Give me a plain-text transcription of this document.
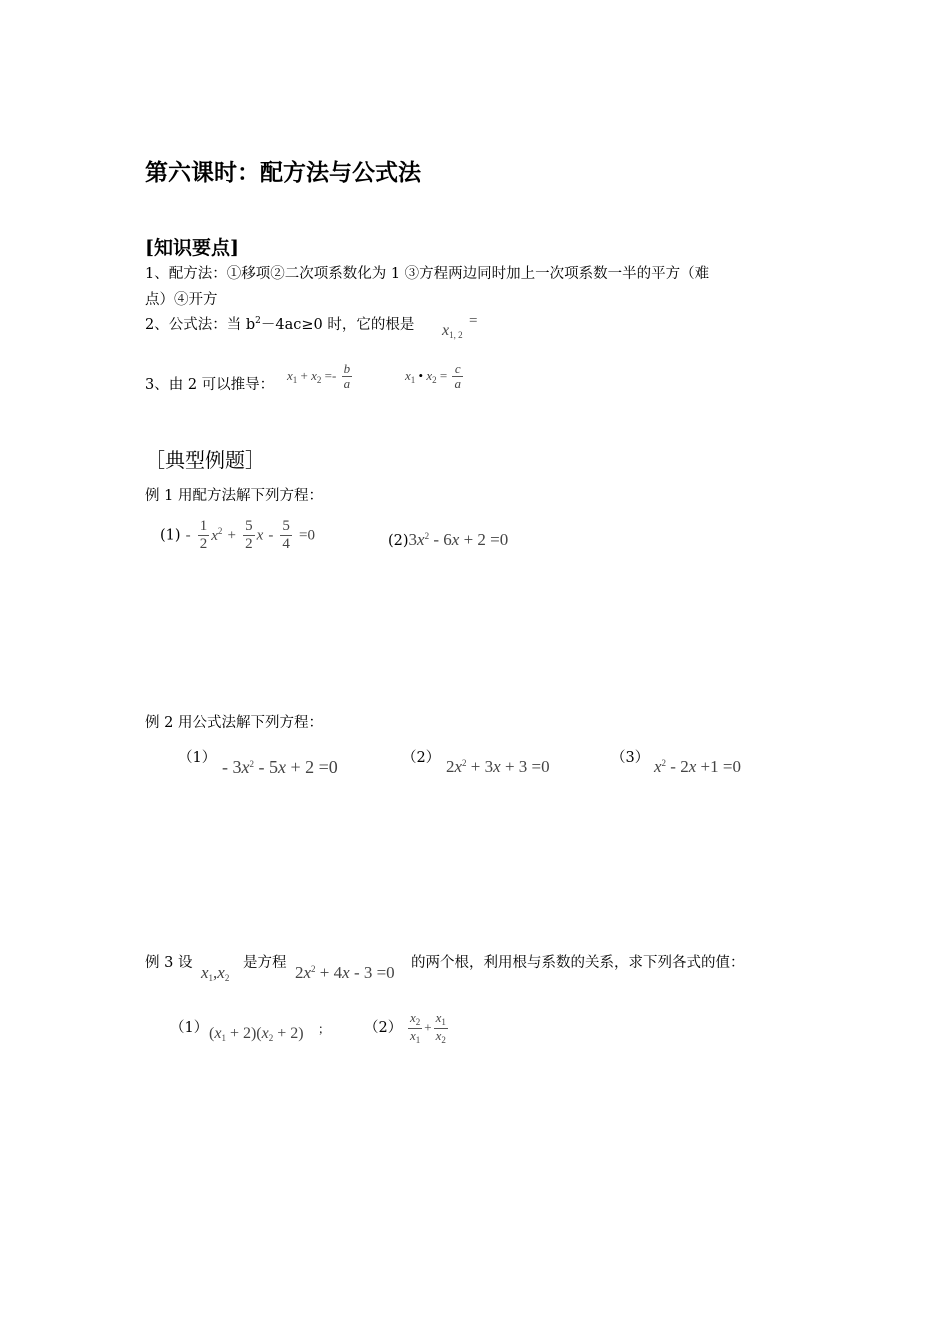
第六课时：配方法与公式法
[知识要点]
1、配方法：①移项②二次项系数化为 1 ③方程两边同时加上一次项系数一半的平方（难
点）④开方
2、公式法：当 $b^2-4ac\ge 0$ 时，它的根是 $x_{1, 2}$
=
3、由 2 可以推导：
$x_1 + x_2 =- \frac{b}{a}$	$x_1$ • $x_2 = \frac{c}{a}$
［典型例题］
例 1 用配方法解下列方程：
$(1) - \frac{1}{2} x^2 + \frac{5}{2}$ $x - \frac{5}{4} =0$	$(2)3x^2 - 6x + 2 =0$
例 2 用公式法解下列方程：
$(1) - 3x^2 - 5x + 2 =0$	（2） $2x^2 + 3x + 3 =0$	（3） $x^2 - 2x +1 =0$
例 3 设 $x_1,x_2$
是方程 $2x^2 + 4x - 3 =0$ 的两个根，利用根与系数的关系，求下列各式的值：
（1） $(x_1 + 2)(x_2 + 2)$ ； $(2) \frac{x_2}{x_1} + \frac{x_1}{x_2}$
